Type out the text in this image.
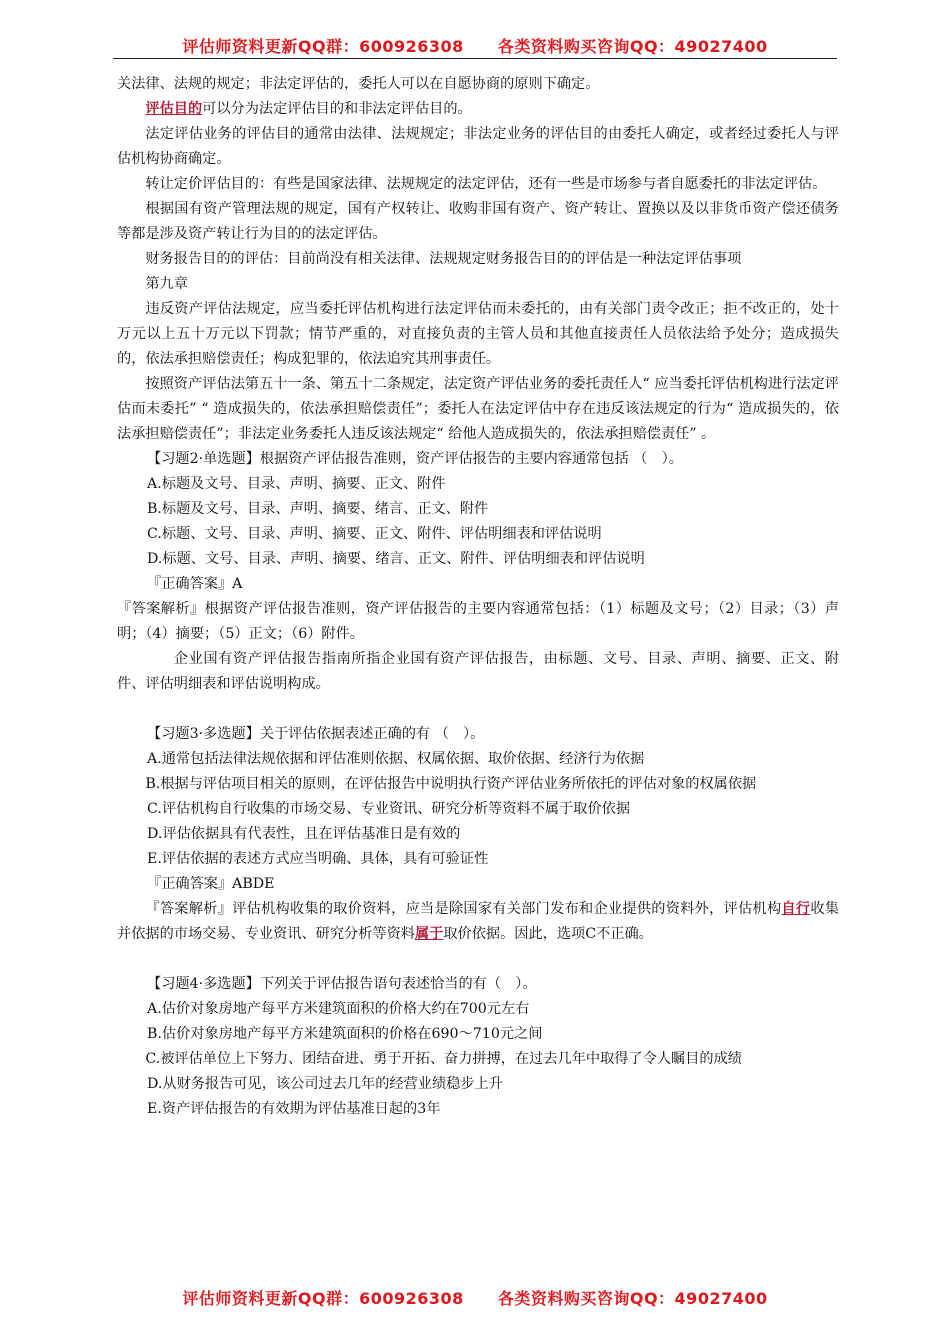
评估师资料更新QQ群：600926308 各类资料购买咨询QQ：49027400

关法律、法规的规定；非法定评估的，委托人可以在自愿协商的原则下确定。

评估目的可以分为法定评估目的和非法定评估目的。

法定评估业务的评估目的通常由法律、法规规定；非法定业务的评估目的由委托人确定，或者经过委托人与评估机构协商确定。

转让定价评估目的：有些是国家法律、法规规定的法定评估，还有一些是市场参与者自愿委托的非法定评估。

根据国有资产管理法规的规定，国有产权转让、收购非国有资产、资产转让、置换以及以非货币资产偿还债务等都是涉及资产转让行为目的的法定评估。

财务报告目的的评估：目前尚没有相关法律、法规规定财务报告目的的评估是一种法定评估事项

第九章

违反资产评估法规定，应当委托评估机构进行法定评估而未委托的，由有关部门责令改正；拒不改正的，处十万元以上五十万元以下罚款；情节严重的，对直接负责的主管人员和其他直接责任人员依法给予处分；造成损失的，依法承担赔偿责任；构成犯罪的，依法追究其刑事责任。

按照资产评估法第五十一条、第五十二条规定，法定资产评估业务的委托责任人“ 应当委托评估机构进行法定评估而未委托” “ 造成损失的，依法承担赔偿责任”；委托人在法定评估中存在违反该法规定的行为“ 造成损失的，依法承担赔偿责任”；非法定业务委托人违反该法规定“ 给他人造成损失的，依法承担赔偿责任” 。

【习题2·单选题】根据资产评估报告准则，资产评估报告的主要内容通常包括 （　）。

A.标题及文号、目录、声明、摘要、正文、附件

B.标题及文号、目录、声明、摘要、绪言、正文、附件

C.标题、文号、目录、声明、摘要、正文、附件、评估明细表和评估说明

D.标题、文号、目录、声明、摘要、绪言、正文、附件、评估明细表和评估说明

『正确答案』A

『答案解析』根据资产评估报告准则，资产评估报告的主要内容通常包括：（1）标题及文号；（2）目录；（3）声明；（4）摘要；（5）正文；（6）附件。

企业国有资产评估报告指南所指企业国有资产评估报告，由标题、文号、目录、声明、摘要、正文、附件、评估明细表和评估说明构成。

【习题3·多选题】关于评估依据表述正确的有 （　）。

A.通常包括法律法规依据和评估准则依据、权属依据、取价依据、经济行为依据

B.根据与评估项目相关的原则，在评估报告中说明执行资产评估业务所依托的评估对象的权属依据

C.评估机构自行收集的市场交易、专业资讯、研究分析等资料不属于取价依据

D.评估依据具有代表性，且在评估基准日是有效的

E.评估依据的表述方式应当明确、具体，具有可验证性

『正确答案』ABDE

『答案解析』评估机构收集的取价资料，应当是除国家有关部门发布和企业提供的资料外，评估机构自行收集并依据的市场交易、专业资讯、研究分析等资料属于取价依据。因此，选项C不正确。

【习题4·多选题】下列关于评估报告语句表述恰当的有（　）。

A.估价对象房地产每平方米建筑面积的价格大约在700元左右

B.估价对象房地产每平方米建筑面积的价格在690～710元之间

C.被评估单位上下努力、团结奋进、勇于开拓、奋力拼搏，在过去几年中取得了令人瞩目的成绩

D.从财务报告可见，该公司过去几年的经营业绩稳步上升

E.资产评估报告的有效期为评估基准日起的3年

评估师资料更新QQ群：600926308 各类资料购买咨询QQ：49027400
